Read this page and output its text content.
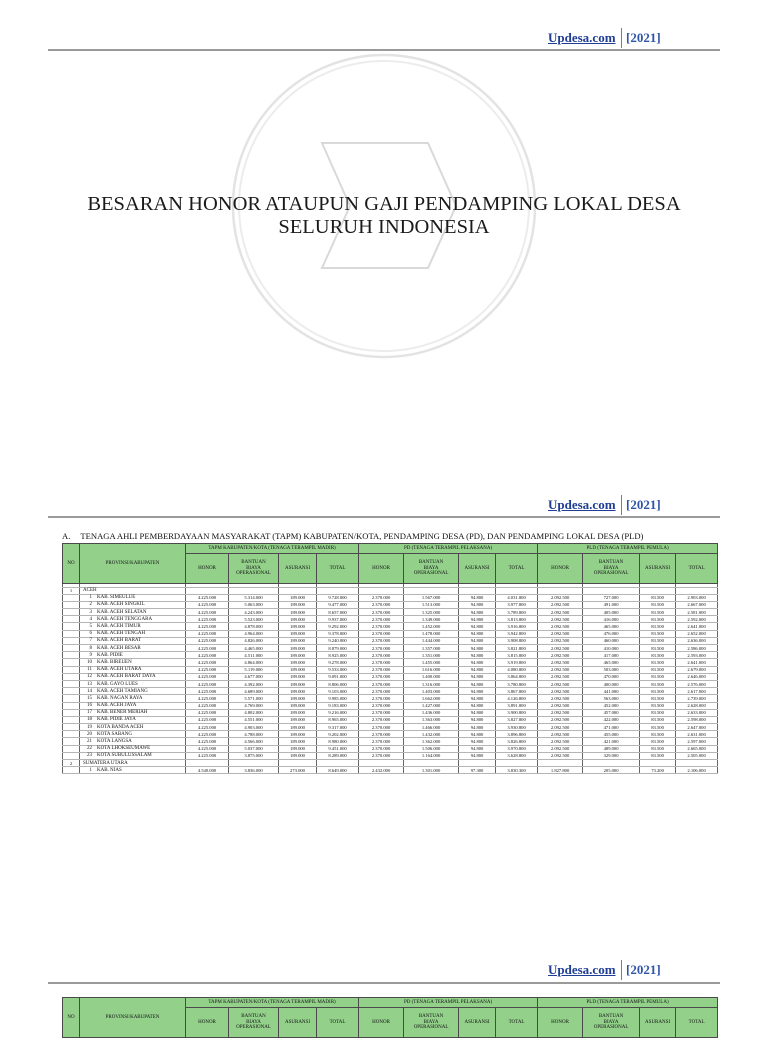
Updesa.com [2021]
BESARAN HONOR ATAUPUN GAJI PENDAMPING LOKAL DESA
SELURUH INDONESIA
Updesa.com [2021]
A. TENAGA AHLI PEMBERDAYAAN MASYARAKAT (TAPM) KABUPATEN/KOTA, PENDAMPING DESA (PD), DAN PENDAMPING LOKAL DESA (PLD)
NO	PROVINSI/KABUPATEN	TAPM KABUPATEN/KOTA (TENAGA TERAMPIL MADIR)				PD (TENAGA TERAMPIL PELAKSANA)				PLD (TENAGA TERAMPIL PEMULA)			
		HONOR	BANTUAN BIAYA OPERASIONAL	ASURANSI	TOTAL	HONOR	BANTUAN BIAYA OPERASIONAL	ASURANSI	TOTAL	HONOR	BANTUAN BIAYA OPERASIONAL	ASURANSI	TOTAL

1	ACEH												
	1 KAB. SIMEULUE	4.225.000	5.314.000	189.000	9.728.000	2.370.000	1.567.000	94.800	4.031.800	2.092.500	727.000	83.500	2.903.000
	2 KAB. ACEH SINGKIL	4.225.000	5.063.000	189.000	9.477.000	2.370.000	1.513.000	94.800	3.977.800	2.092.500	491.000	83.500	2.667.000
	3 KAB. ACEH SELATAN	4.225.000	4.243.000	189.000	8.657.000	2.370.000	1.325.000	94.800	3.789.800	2.092.500	405.000	83.500	2.581.000
	4 KAB. ACEH TENGGARA	4.225.000	5.523.000	189.000	9.937.000	2.370.000	1.349.000	94.800	3.813.800	2.092.500	416.000	83.500	2.592.000
	5 KAB. ACEH TIMUR	4.225.000	4.878.000	189.000	9.292.000	2.370.000	1.452.000	94.800	3.916.800	2.092.500	465.000	83.500	2.641.000
	6 KAB. ACEH TENGAH	4.225.000	4.964.000	189.000	9.378.000	2.370.000	1.478.000	94.800	3.942.800	2.092.500	476.000	83.500	2.652.000
	7 KAB. ACEH BARAT	4.225.000	4.826.000	189.000	9.240.000	2.370.000	1.444.000	94.800	3.908.800	2.092.500	460.000	83.500	2.636.000
	8 KAB. ACEH BESAR	4.225.000	4.465.000	189.000	8.879.000	2.370.000	1.357.000	94.800	3.821.800	2.092.500	410.000	83.500	2.586.000
	9 KAB. PIDIE	4.225.000	4.511.000	189.000	8.925.000	2.370.000	1.351.000	94.800	3.815.800	2.092.500	417.000	83.500	2.593.000
	10 KAB. BIREUEN	4.225.000	4.864.000	189.000	9.278.000	2.370.000	1.455.000	94.800	3.919.800	2.092.500	465.000	83.500	2.641.000
	11 KAB. ACEH UTARA	4.225.000	5.119.000	189.000	9.533.000	2.370.000	1.616.000	94.800	4.080.800	2.092.500	503.000	83.500	2.679.000
	12 KAB. ACEH BARAT DAYA	4.225.000	4.677.000	189.000	9.091.000	2.370.000	1.400.000	94.800	3.864.800	2.092.500	470.000	83.500	2.646.000
	13 KAB. GAYO LUES	4.225.000	4.392.000	189.000	8.806.000	2.370.000	1.316.000	94.800	3.780.800	2.092.500	400.000	83.500	2.576.000
	14 KAB. ACEH TAMIANG	4.225.000	4.689.000	189.000	9.103.000	2.370.000	1.403.000	94.800	3.867.800	2.092.500	441.000	83.500	2.617.000
	15 KAB. NAGAN RAYA	4.225.000	5.571.000	189.000	9.985.000	2.370.000	1.662.000	94.800	4.126.800	2.092.500	563.000	83.500	2.739.000
	16 KAB. ACEH JAYA	4.225.000	4.769.000	189.000	9.183.000	2.370.000	1.427.000	94.800	3.891.800	2.092.500	452.000	83.500	2.628.000
	17 KAB. BENER MERIAH	4.225.000	4.802.000	189.000	9.216.000	2.370.000	1.436.000	94.800	3.900.800	2.092.500	457.000	83.500	2.633.000
	18 KAB. PIDIE JAYA	4.225.000	4.551.000	189.000	8.965.000	2.370.000	1.363.000	94.800	3.827.800	2.092.500	422.000	83.500	2.598.000
	19 KOTA BANDA ACEH	4.225.000	4.903.000	189.000	9.317.000	2.370.000	1.466.000	94.800	3.930.800	2.092.500	471.000	83.500	2.647.000
	20 KOTA SABANG	4.225.000	4.788.000	189.000	9.202.000	2.370.000	1.432.000	94.800	3.896.800	2.092.500	455.000	83.500	2.631.000
	21 KOTA LANGSA	4.225.000	4.566.000	189.000	8.980.000	2.370.000	1.362.000	94.800	3.826.800	2.092.500	421.000	83.500	2.597.000
	22 KOTA LHOKSEUMAWE	4.225.000	5.037.000	189.000	9.451.000	2.370.000	1.506.000	94.800	3.970.800	2.092.500	489.000	83.500	2.665.000
	23 KOTA SUBULUSSALAM	4.225.000	3.875.000	189.000	8.289.000	2.370.000	1.164.000	94.800	3.628.800	2.092.500	329.000	83.500	2.505.000
2	SUMATERA UTARA												
	1 KAB. NIAS	4.540.000	3.836.000	273.000	8.649.000	2.432.000	1.301.000	97.300	3.830.300	1.827.800	205.000	73.200	2.106.000
Updesa.com [2021]
NO	PROVINSI/KABUPATEN	TAPM KABUPATEN/KOTA (TENAGA TERAMPIL MADIR)				PD (TENAGA TERAMPIL PELAKSANA)				PLD (TENAGA TERAMPIL PEMULA)			
		HONOR	BANTUAN BIAYA OPERASIONAL	ASURANSI	TOTAL	HONOR	BANTUAN BIAYA OPERASIONAL	ASURANSI	TOTAL	HONOR	BANTUAN BIAYA OPERASIONAL	ASURANSI	TOTAL
